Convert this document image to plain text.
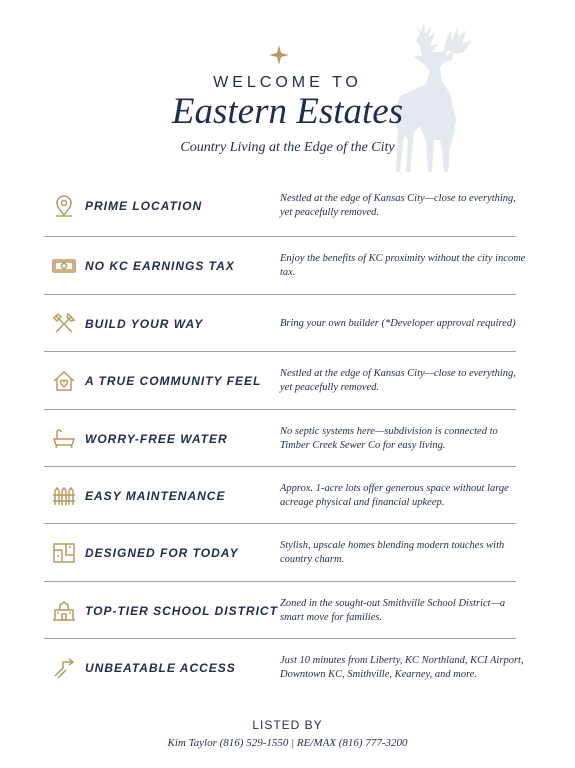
WELCOME TO
Eastern Estates
Country Living at the Edge of the City
PRIME LOCATION
Nestled at the edge of Kansas City—close to everything, yet peacefully removed.
NO KC EARNINGS TAX
Enjoy the benefits of KC proximity without the city income tax.
BUILD YOUR WAY	Bring your own builder (*Developer approval required)
A TRUE COMMUNITY FEEL
Nestled at the edge of Kansas City—close to everything, yet peacefully removed.
WORRY-FREE WATER
No septic systems here—subdivision is connected to Timber Creek Sewer Co for easy living.
EASY MAINTENANCE
Approx. 1-acre lots offer generous space without large acreage physical and financial upkeep.
DESIGNED FOR TODAY
Stylish, upscale homes blending modern touches with country charm.
TOP-TIER SCHOOL DISTRICT
Zoned in the sought-out Smithville School District—a smart move for families.
UNBEATABLE ACCESS
Just 10 minutes from Liberty, KC Northland, KCI Airport, Downtown KC, Smithville, Kearney, and more.
LISTED BY
Kim Taylor (816) 529-1550 | RE/MAX (816) 777-3200
